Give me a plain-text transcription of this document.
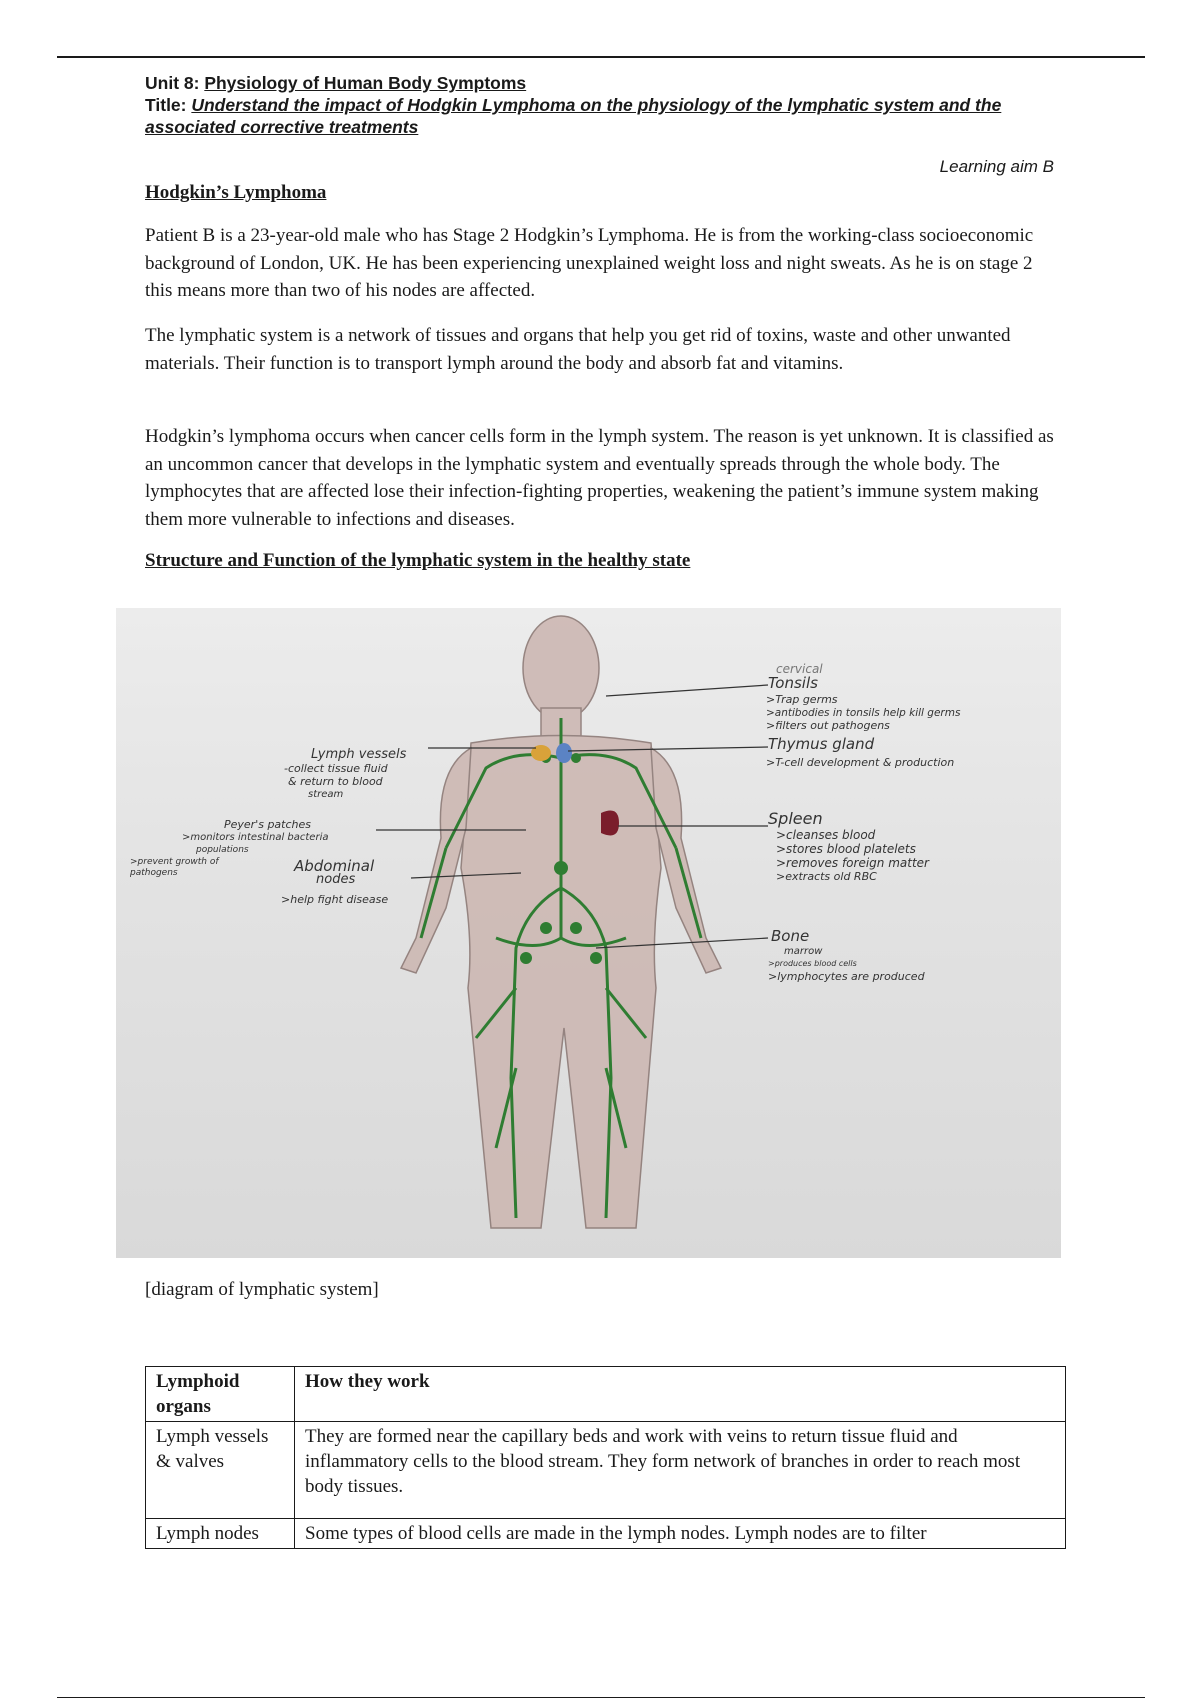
Unit 8: Physiology of Human Body Symptoms
Title: Understand the impact of Hodgkin Lymphoma on the physiology of the lymphatic system and the associated corrective treatments
Learning aim B
Hodgkin’s Lymphoma

Patient B is a 23-year-old male who has Stage 2 Hodgkin’s Lymphoma. He is from the working-class socioeconomic background of London, UK. He has been experiencing unexplained weight loss and night sweats. As he is on stage 2 this means more than two of his nodes are affected.

The lymphatic system is a network of tissues and organs that help you get rid of toxins, waste and other unwanted materials. Their function is to transport lymph around the body and absorb fat and vitamins.

Hodgkin’s lymphoma occurs when cancer cells form in the lymph system. The reason is yet unknown. It is classified as an uncommon cancer that develops in the lymphatic system and eventually spreads through the whole body. The lymphocytes that are affected lose their infection-fighting properties, weakening the patient’s immune system making them more vulnerable to infections and diseases.

Structure and Function of the lymphatic system in the healthy state
cervical
Tonsils
>Trap germs
>antibodies in tonsils help kill germs
>filters out pathogens
Thymus gland
>T-cell development & production
Lymph vessels
-collect tissue fluid
& return to blood
stream
Peyer's patches
>monitors intestinal bacteria
populations
>prevent growth of
pathogens	Abdominal
nodes
>help fight disease
Spleen
>cleanses blood
>stores blood platelets
>removes foreign matter
>extracts old RBC
Bone
marrow
>produces blood cells
>lymphocytes are produced
[diagram of lymphatic system]
Lymphoid organs	How they work
Lymph vessels & valves	They are formed near the capillary beds and work with veins to return tissue fluid and inflammatory cells to the blood stream. They form network of branches in order to reach most body tissues.
Lymph nodes	Some types of blood cells are made in the lymph nodes. Lymph nodes are to filter
